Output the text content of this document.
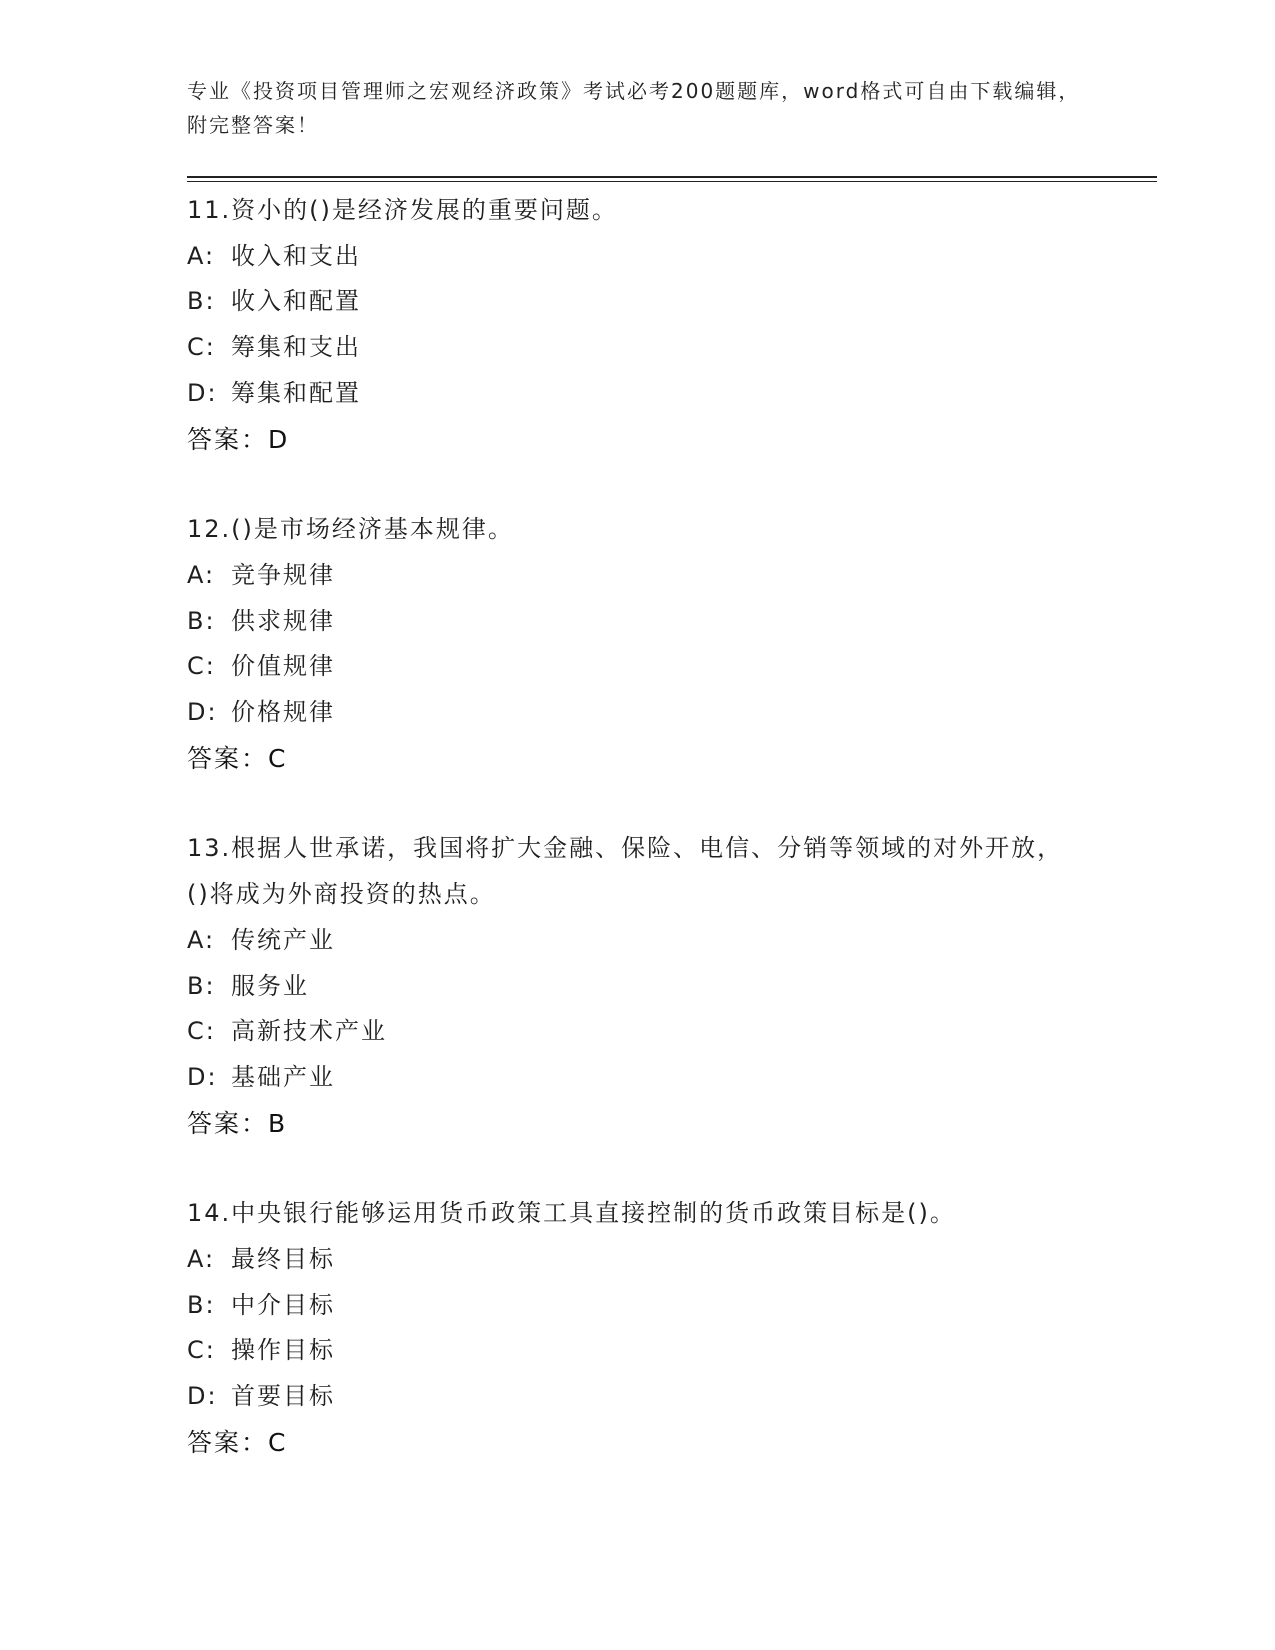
专业《投资项目管理师之宏观经济政策》考试必考200题题库，word格式可自由下载编辑，附完整答案！
11.资小的()是经济发展的重要问题。
A: 收入和支出
B: 收入和配置
C: 筹集和支出
D: 筹集和配置
答案：D
12.()是市场经济基本规律。
A: 竞争规律
B: 供求规律
C: 价值规律
D: 价格规律
答案：C
13.根据人世承诺，我国将扩大金融、保险、电信、分销等领域的对外开放，()将成为外商投资的热点。
A: 传统产业
B: 服务业
C: 高新技术产业
D: 基础产业
答案：B
14.中央银行能够运用货币政策工具直接控制的货币政策目标是()。
A: 最终目标
B: 中介目标
C: 操作目标
D: 首要目标
答案：C
